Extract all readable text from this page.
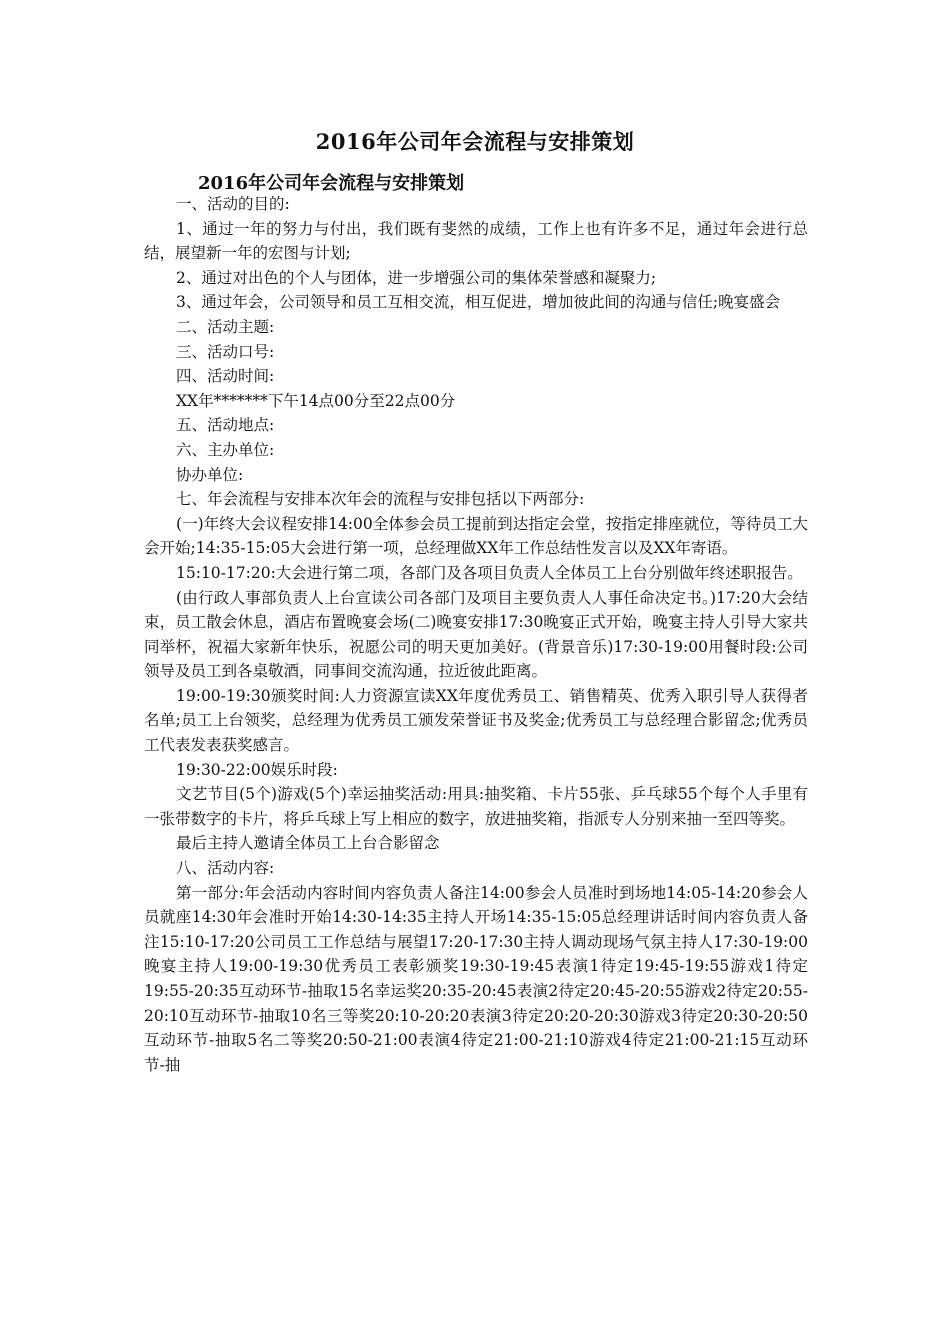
2016年公司年会流程与安排策划
2016年公司年会流程与安排策划

一、活动的目的:

1、通过一年的努力与付出，我们既有斐然的成绩，工作上也有许多不足，通过年会进行总结，展望新一年的宏图与计划;

2、通过对出色的个人与团体，进一步增强公司的集体荣誉感和凝聚力;

3、通过年会，公司领导和员工互相交流，相互促进，增加彼此间的沟通与信任;晚宴盛会

二、活动主题:

三、活动口号:

四、活动时间:

XX年*******下午14点00分至22点00分

五、活动地点:

六、主办单位:

协办单位:

七、年会流程与安排本次年会的流程与安排包括以下两部分:

(一)年终大会议程安排14:00全体参会员工提前到达指定会堂，按指定排座就位，等待员工大会开始;14:35-15:05大会进行第一项，总经理做XX年工作总结性发言以及XX年寄语。

15:10-17:20:大会进行第二项，各部门及各项目负责人全体员工上台分别做年终述职报告。

(由行政人事部负责人上台宣读公司各部门及项目主要负责人人事任命决定书。)17:20大会结束，员工散会休息，酒店布置晚宴会场(二)晚宴安排17:30晚宴正式开始，晚宴主持人引导大家共同举杯，祝福大家新年快乐，祝愿公司的明天更加美好。(背景音乐)17:30-19:00用餐时段:公司领导及员工到各桌敬酒，同事间交流沟通，拉近彼此距离。

19:00-19:30颁奖时间:人力资源宣读XX年度优秀员工、销售精英、优秀入职引导人获得者名单;员工上台领奖，总经理为优秀员工颁发荣誉证书及奖金;优秀员工与总经理合影留念;优秀员工代表发表获奖感言。

19:30-22:00娱乐时段:

文艺节目(5个)游戏(5个)幸运抽奖活动:用具:抽奖箱、卡片55张、乒乓球55个每个人手里有一张带数字的卡片，将乒乓球上写上相应的数字，放进抽奖箱，指派专人分别来抽一至四等奖。

最后主持人邀请全体员工上台合影留念

八、活动内容:

第一部分:年会活动内容时间内容负责人备注14:00参会人员准时到场地14:05-14:20参会人员就座14:30年会准时开始14:30-14:35主持人开场14:35-15:05总经理讲话时间内容负责人备注15:10-17:20公司员工工作总结与展望17:20-17:30主持人调动现场气氛主持人17:30-19:00晚宴主持人19:00-19:30优秀员工表彰颁奖19:30-19:45表演1待定19:45-19:55游戏1待定19:55-20:35互动环节-抽取15名幸运奖20:35-20:45表演2待定20:45-20:55游戏2待定20:55-20:10互动环节-抽取10名三等奖20:10-20:20表演3待定20:20-20:30游戏3待定20:30-20:50互动环节-抽取5名二等奖20:50-21:00表演4待定21:00-21:10游戏4待定21:00-21:15互动环节-抽
